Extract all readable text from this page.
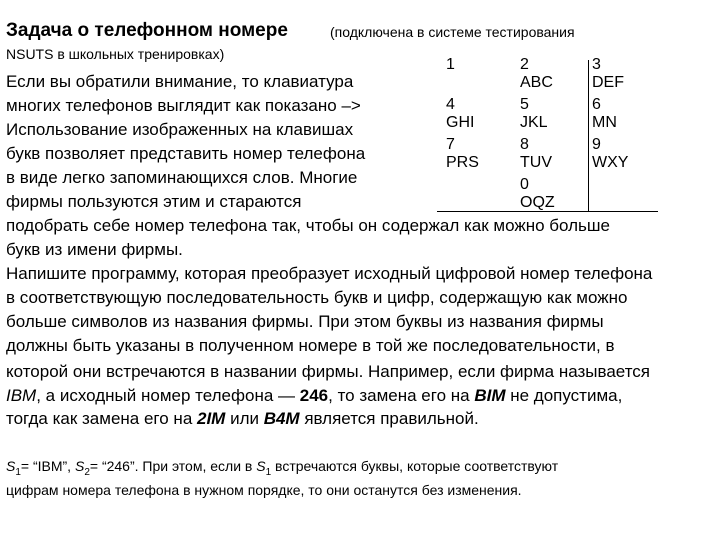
Задача о телефонном номере	(подключена в системе тестирования
NSUTS в школьных тренировках)
1	2
ABC
3
DEF
4
GHI
5
JKL
6
MN
7
PRS
8
TUV
9
WXY
0
OQZ
Если вы обратили внимание, то клавиатура
многих телефонов выглядит как показано –>
Использование изображенных на клавишах
букв позволяет представить номер телефона
в виде легко запоминающихся слов. Многие
фирмы пользуются этим и стараются
подобрать себе номер телефона так, чтобы он содержал как можно больше
букв из имени фирмы.
Напишите программу, которая преобразует исходный цифровой номер телефона
в соответствующую последовательность букв и цифр, содержащую как можно
больше символов из названия фирмы. При этом буквы из названия фирмы
должны быть указаны в полученном номере в той же последовательности, в
которой они встречаются в названии фирмы. Например, если фирма называется
IBM, а исходный номер телефона — 246, то замена его на BIM не допустима,
тогда как замена его на 2IM или B4M является правильной.
$S_1=$ “IBM”, $S_2=$ “246”. При этом, если в $S_1$ встречаются буквы, которые соответствуют
цифрам номера телефона в нужном порядке, то они останутся без изменения.
